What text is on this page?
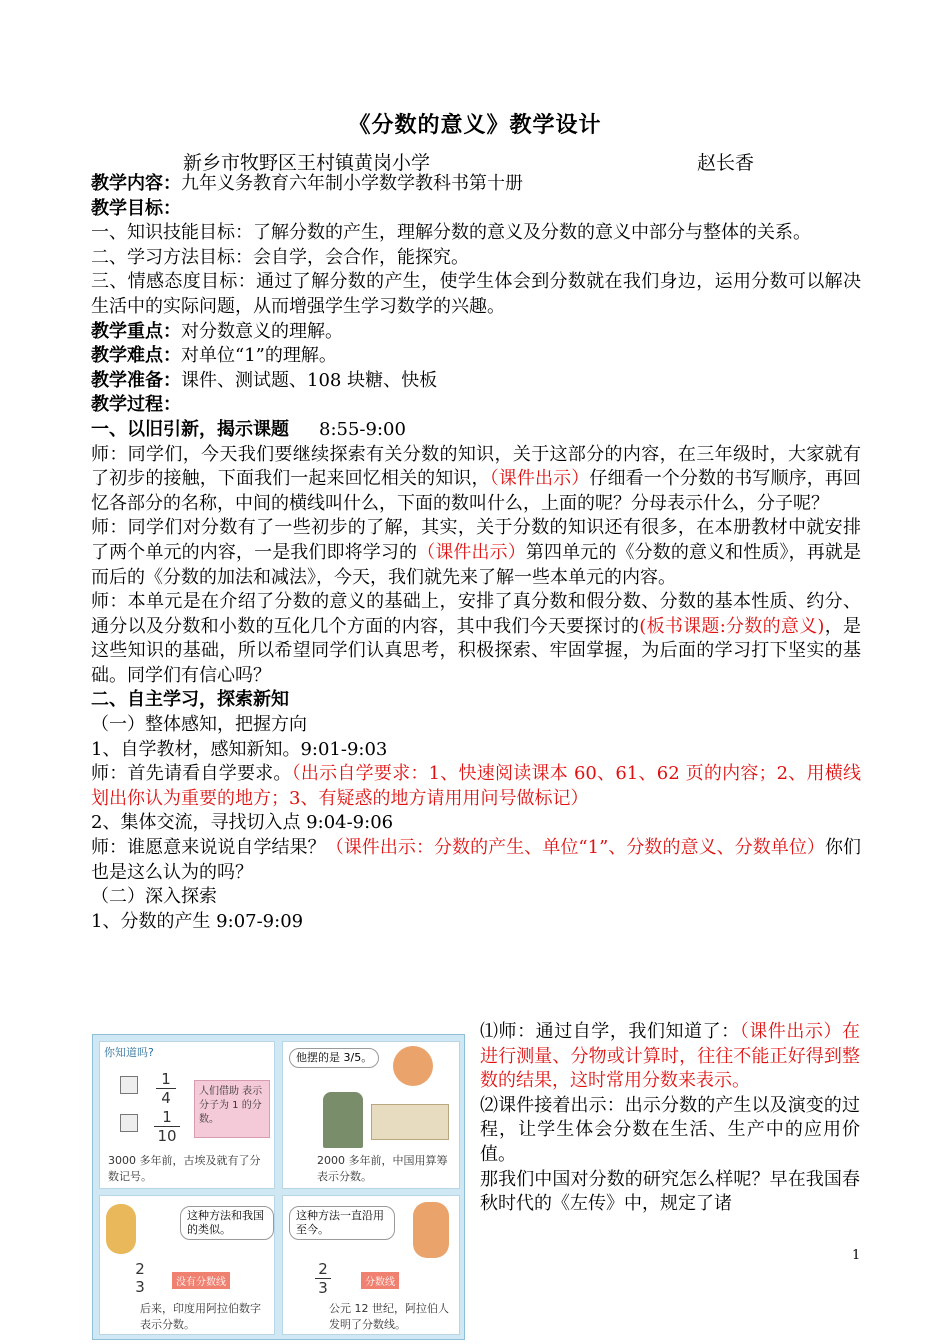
《分数的意义》教学设计
新乡市牧野区王村镇黄岗小学	赵长香

教学内容：九年义务教育六年制小学数学教科书第十册

教学目标：

一、知识技能目标：了解分数的产生，理解分数的意义及分数的意义中部分与整体的关系。

二、学习方法目标：会自学，会合作，能探究。

三、情感态度目标：通过了解分数的产生，使学生体会到分数就在我们身边，运用分数可以解决生活中的实际问题，从而增强学生学习数学的兴趣。

教学重点：对分数意义的理解。

教学难点：对单位“1”的理解。

教学准备：课件、测试题、108 块糖、快板

教学过程：

一、以旧引新，揭示课题 8:55-9:00

师：同学们，今天我们要继续探索有关分数的知识，关于这部分的内容，在三年级时，大家就有了初步的接触，下面我们一起来回忆相关的知识，（课件出示）仔细看一个分数的书写顺序，再回忆各部分的名称，中间的横线叫什么，下面的数叫什么，上面的呢？分母表示什么，分子呢？

师：同学们对分数有了一些初步的了解，其实，关于分数的知识还有很多，在本册教材中就安排了两个单元的内容，一是我们即将学习的（课件出示）第四单元的《分数的意义和性质》，再就是而后的《分数的加法和减法》，今天，我们就先来了解一些本单元的内容。

师：本单元是在介绍了分数的意义的基础上，安排了真分数和假分数、分数的基本性质、约分、通分以及分数和小数的互化几个方面的内容，其中我们今天要探讨的(板书课题:分数的意义)，是这些知识的基础，所以希望同学们认真思考，积极探索、牢固掌握，为后面的学习打下坚实的基础。同学们有信心吗？

二、自主学习，探索新知

（一）整体感知，把握方向

1、自学教材，感知新知。9:01-9:03

师：首先请看自学要求。（出示自学要求：1、快速阅读课本 60、61、62 页的内容；2、用横线划出你认为重要的地方；3、有疑惑的地方请用用问号做标记）

2、集体交流，寻找切入点 9:04-9:06

师：谁愿意来说说自学结果？（课件出示：分数的产生、单位“1”、分数的意义、分数单位）你们也是这么认为的吗？

（二）深入探索

1、分数的产生 9:07-9:09

你知道吗?
$\frac{1}{4}$
$\frac{1}{10}$
人们借助 表示分子为 1 的分数。
3000 多年前，古埃及就有了分数记号。
他摆的是 3/5。
2000 多年前，中国用算筹表示分数。
这种方法和我国的类似。
2
3	没有分数线
后来，印度用阿拉伯数字表示分数。
这种方法一直沿用至今。
$\frac{2}{3}$	分数线
公元 12 世纪，阿拉伯人发明了分数线。

⑴师：通过自学，我们知道了：（课件出示）在进行测量、分物或计算时，往往不能正好得到整数的结果，这时常用分数来表示。

⑵课件接着出示：出示分数的产生以及演变的过程，让学生体会分数在生活、生产中的应用价值。

那我们中国对分数的研究怎么样呢？早在我国春秋时代的《左传》中，规定了诸

1
